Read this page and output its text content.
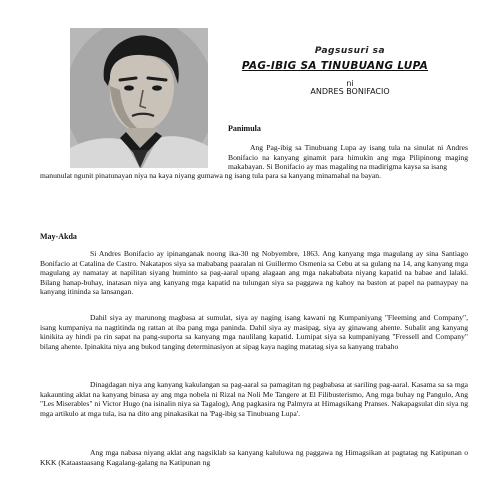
Pagsusuri sa
PAG-IBIG SA TINUBUANG LUPA
ni
ANDRES BONIFACIO
Panimula

Ang Pag-ibig sa Tinubuang Lupa ay isang tula na sinulat ni Andres Bonifacio na kanyang ginamit para himukin ang mga Pilipinong maging makabayan. Si Bonifacio ay mas magaling na madirigma kaysa sa isang

manunulat ngunit pinatunayan niya na kaya niyang gumawa ng isang tula para sa kanyang minamahal na bayan.

May-Akda

Si Andres Bonifacio ay ipinanganak noong ika-30 ng Nobyembre, 1863. Ang kanyang mga magulang ay sina Santiago Bonifacio at Catalina de Castro. Nakatapos siya sa mababang paaralan ni Guillermo Osmenia sa Cebu at sa gulang na 14, ang kanyang mga magulang ay namatay at napilitan siyang huminto sa pag-aaral upang alagaan ang mga nakababata niyang kapatid na babae and lalaki. Bilang hanap-buhay, inatasan niya ang kanyang mga kapatid na tulungan siya sa paggawa ng kahoy na baston at papel na pamaypay na kanyang itininda sa lansangan.

Dahil siya ay marunong magbasa at sumulat, siya ay naging isang kawani ng Kumpaniyang "Fleeming and Company", isang kumpaniya na nagtitinda ng rattan at iba pang mga paninda. Dahil siya ay masipag, siya ay ginawang ahente. Subalit ang kanyang kinikita ay hindi pa rin sapat na pang-suporta sa kanyang mga naulilang kapatid. Lumipat siya sa kumpaniyang "Fressell and Company" bilang ahente. Ipinakita niya ang bukod tanging determinasiyon at sipag kaya naging matatag siya sa kanyang trabaho

Dinagdagan niya ang kanyang kakulangan sa pag-aaral sa pamagitan ng pagbabasa at sariling pag-aaral. Kasama sa sa mga kakaunting aklat na kanyang binasa ay ang mga nobela ni Rizal na Noli Me Tangere at El Filibusterismo, Ang mga buhay ng Pangulo, Ang "Les Miserables" ni Victor Hugo (na isinalin niya sa Tagalog), Ang pagkasira ng Palmyra at Himagsikang Pranses. Nakapagsulat din siya ng mga artikulo at mga tula, isa na dito ang pinakasikat na 'Pag-ibig sa Tinubuang Lupa'.

Ang mga nabasa niyang aklat ang nagsiklab sa kanyang kaluluwa ng paggawa ng Himagsikan at pagtatag ng Katipunan o KKK (Kataastaasang Kagalang-galang na Katipunan ng
